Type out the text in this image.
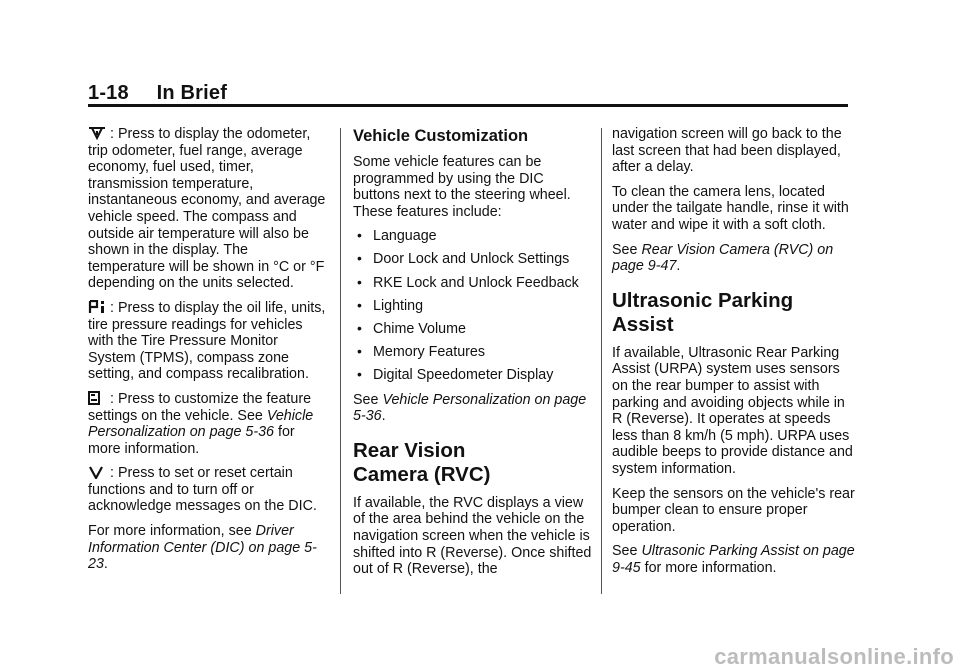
1-18 In Brief

: Press to display the odometer, trip odometer, fuel range, average economy, fuel used, timer, transmission temperature, instantaneous economy, and average vehicle speed. The compass and outside air temperature will also be shown in the display. The temperature will be shown in °C or °F depending on the units selected.

: Press to display the oil life, units, tire pressure readings for vehicles with the Tire Pressure Monitor System (TPMS), compass zone setting, and compass recalibration.

: Press to customize the feature settings on the vehicle. See Vehicle Personalization on page 5-36 for more information.

: Press to set or reset certain functions and to turn off or acknowledge messages on the DIC.

For more information, see Driver Information Center (DIC) on page 5-23.

Vehicle Customization

Some vehicle features can be programmed by using the DIC buttons next to the steering wheel. These features include:

• Language
• Door Lock and Unlock Settings
• RKE Lock and Unlock Feedback
• Lighting
• Chime Volume
• Memory Features
• Digital Speedometer Display

See Vehicle Personalization on page 5-36.

Rear Vision
Camera (RVC)

If available, the RVC displays a view of the area behind the vehicle on the navigation screen when the vehicle is shifted into R (Reverse). Once shifted out of R (Reverse), the

navigation screen will go back to the last screen that had been displayed, after a delay.

To clean the camera lens, located under the tailgate handle, rinse it with water and wipe it with a soft cloth.

See Rear Vision Camera (RVC) on page 9-47.

Ultrasonic Parking Assist

If available, Ultrasonic Rear Parking Assist (URPA) system uses sensors on the rear bumper to assist with parking and avoiding objects while in R (Reverse). It operates at speeds less than 8 km/h (5 mph). URPA uses audible beeps to provide distance and system information.

Keep the sensors on the vehicle's rear bumper clean to ensure proper operation.

See Ultrasonic Parking Assist on page 9-45 for more information.

carmanualsonline.info
